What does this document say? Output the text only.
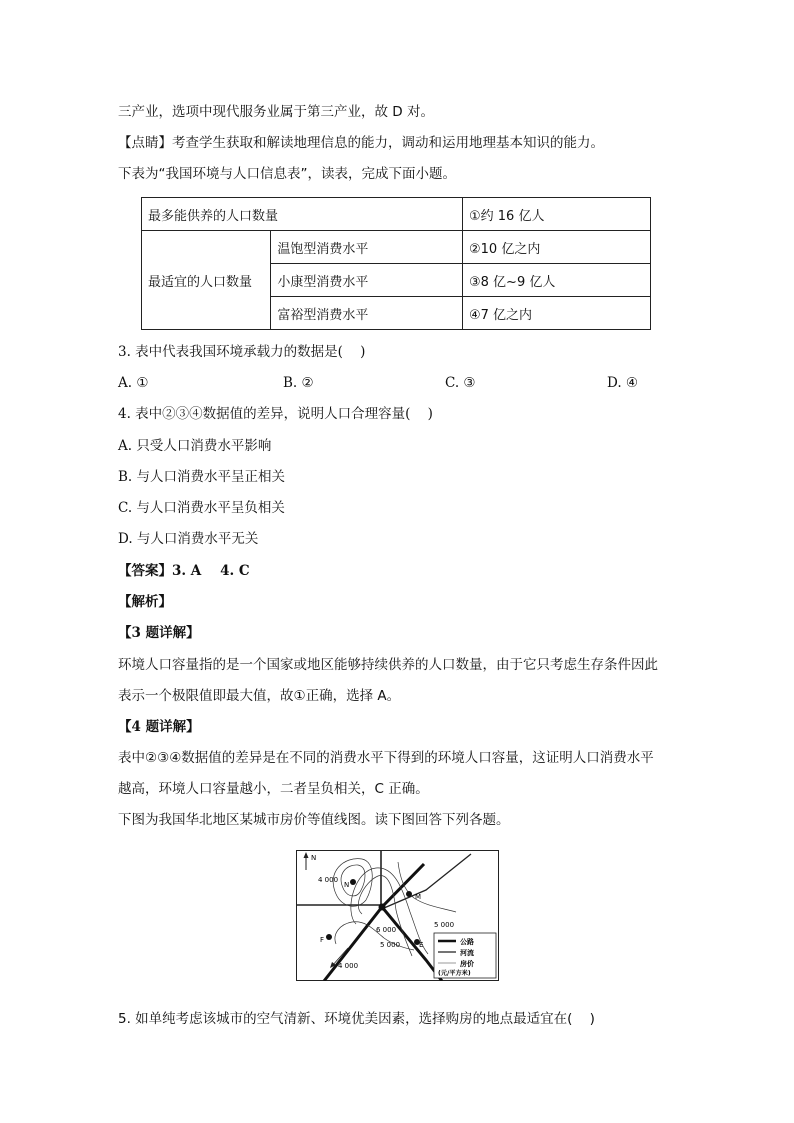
三产业，选项中现代服务业属于第三产业，故 D 对。
【点睛】考查学生获取和解读地理信息的能力，调动和运用地理基本知识的能力。
下表为“我国环境与人口信息表”，读表，完成下面小题。
最多能供养的人口数量		①约 16 亿人
最适宜的人口数量	温饱型消费水平	②10 亿之内
	小康型消费水平	③8 亿~9 亿人
	富裕型消费水平	④7 亿之内
3. 表中代表我国环境承载力的数据是(    )
A. ①	B. ②	C. ③	D. ④
4. 表中②③④数据值的差异，说明人口合理容量(    )
A. 只受人口消费水平影响
B. 与人口消费水平呈正相关
C. 与人口消费水平呈负相关
D. 与人口消费水平无关
【答案】3. A    4. C
【解析】
【3 题详解】
环境人口容量指的是一个国家或地区能够持续供养的人口数量，由于它只考虑生存条件因此
表示一个极限值即最大值，故①正确，选择 A。
【4 题详解】
表中②③④数据值的差异是在不同的消费水平下得到的环境人口容量，这证明人口消费水平
越高，环境人口容量越小，二者呈负相关，C 正确。
下图为我国华北地区某城市房价等值线图。读下图回答下列各题。
N
4 000
4 000
5 000
5 000
6 000
N
M
E
F	公路
河流
房价
(元/平方米)
5. 如单纯考虑该城市的空气清新、环境优美因素，选择购房的地点最适宜在(    )
